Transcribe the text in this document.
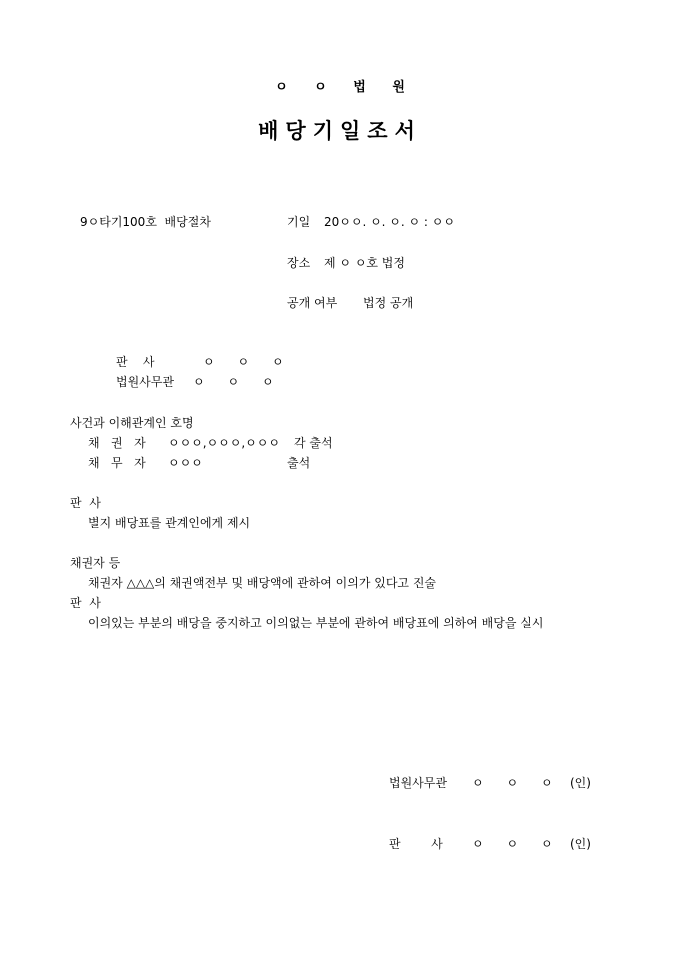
ㅇ ㅇ 법 원
배당기일조서
9ㅇ타기100호  배당절차	기일 20ㅇㅇ. ㅇ. ㅇ. ㅇ : ㅇㅇ
장소 제 ㅇ ㅇ호 법정
공개 여부 법정 공개
판    사	ㅇ      ㅇ      ㅇ
법원사무관 ㅇ      ㅇ      ㅇ
사건과 이해관계인 호명
채   권   자 ㅇㅇㅇ,ㅇㅇㅇ,ㅇㅇㅇ 각 출석
채   무   자 ㅇㅇㅇ	출석
판  사
별지 배당표를 관계인에게 제시
채권자 등
채권자 △△△의 채권액전부 및 배당액에 관하여 이의가 있다고 진술
판  사
이의있는 부분의 배당을 중지하고 이의없는 부분에 관하여 배당표에 의하여 배당을 실시
법원사무관 ㅇ      ㅇ      ㅇ (인)
판        사 ㅇ      ㅇ      ㅇ (인)
